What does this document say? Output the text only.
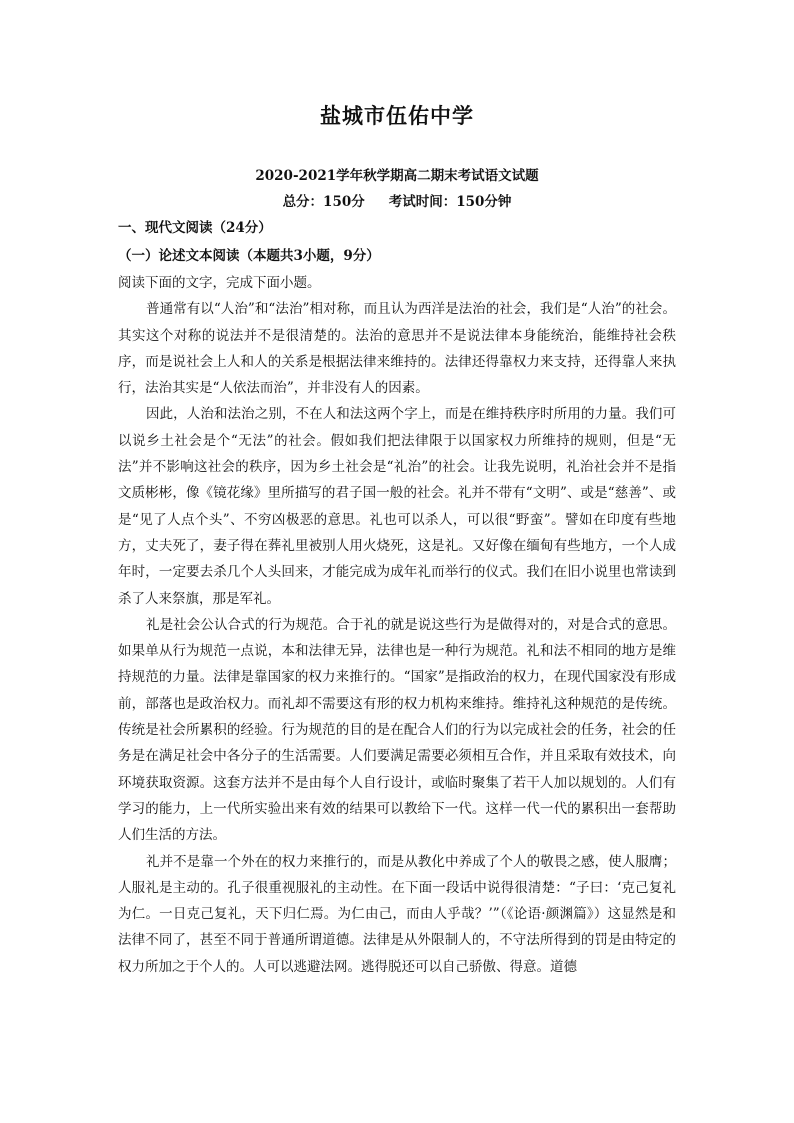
盐城市伍佑中学
2020-2021学年秋学期高二期末考试语文试题
总分：150分 考试时间：150分钟
一、现代文阅读（24分）
（一）论述文本阅读（本题共3小题，9分）

阅读下面的文字，完成下面小题。

普通常有以“人治”和“法治”相对称，而且认为西洋是法治的社会，我们是“人治”的社会。其实这个对称的说法并不是很清楚的。法治的意思并不是说法律本身能统治，能维持社会秩序，而是说社会上人和人的关系是根据法律来维持的。法律还得靠权力来支持，还得靠人来执行，法治其实是“人依法而治”，并非没有人的因素。

因此，人治和法治之别，不在人和法这两个字上，而是在维持秩序时所用的力量。我们可以说乡土社会是个“无法”的社会。假如我们把法律限于以国家权力所维持的规则，但是“无法”并不影响这社会的秩序，因为乡土社会是“礼治”的社会。让我先说明，礼治社会并不是指文质彬彬，像《镜花缘》里所描写的君子国一般的社会。礼并不带有“文明”、或是“慈善”、或是“见了人点个头”、不穷凶极恶的意思。礼也可以杀人，可以很“野蛮”。譬如在印度有些地方，丈夫死了，妻子得在葬礼里被别人用火烧死，这是礼。又好像在缅甸有些地方，一个人成年时，一定要去杀几个人头回来，才能完成为成年礼而举行的仪式。我们在旧小说里也常读到杀了人来祭旗，那是军礼。

礼是社会公认合式的行为规范。合于礼的就是说这些行为是做得对的，对是合式的意思。如果单从行为规范一点说，本和法律无异，法律也是一种行为规范。礼和法不相同的地方是维持规范的力量。法律是靠国家的权力来推行的。“国家”是指政治的权力，在现代国家没有形成前，部落也是政治权力。而礼却不需要这有形的权力机构来维持。维持礼这种规范的是传统。传统是社会所累积的经验。行为规范的目的是在配合人们的行为以完成社会的任务，社会的任务是在满足社会中各分子的生活需要。人们要满足需要必须相互合作，并且采取有效技术，向环境获取资源。这套方法并不是由每个人自行设计，或临时聚集了若干人加以规划的。人们有学习的能力，上一代所实验出来有效的结果可以教给下一代。这样一代一代的累积出一套帮助人们生活的方法。

礼并不是靠一个外在的权力来推行的，而是从教化中养成了个人的敬畏之感，使人服膺；人服礼是主动的。孔子很重视服礼的主动性。在下面一段话中说得很清楚：“子曰：‘克己复礼为仁。一日克己复礼，天下归仁焉。为仁由己，而由人乎哉？’”（《论语·颜渊篇》）这显然是和法律不同了，甚至不同于普通所谓道德。法律是从外限制人的，不守法所得到的罚是由特定的权力所加之于个人的。人可以逃避法网。逃得脱还可以自己骄傲、得意。道德
